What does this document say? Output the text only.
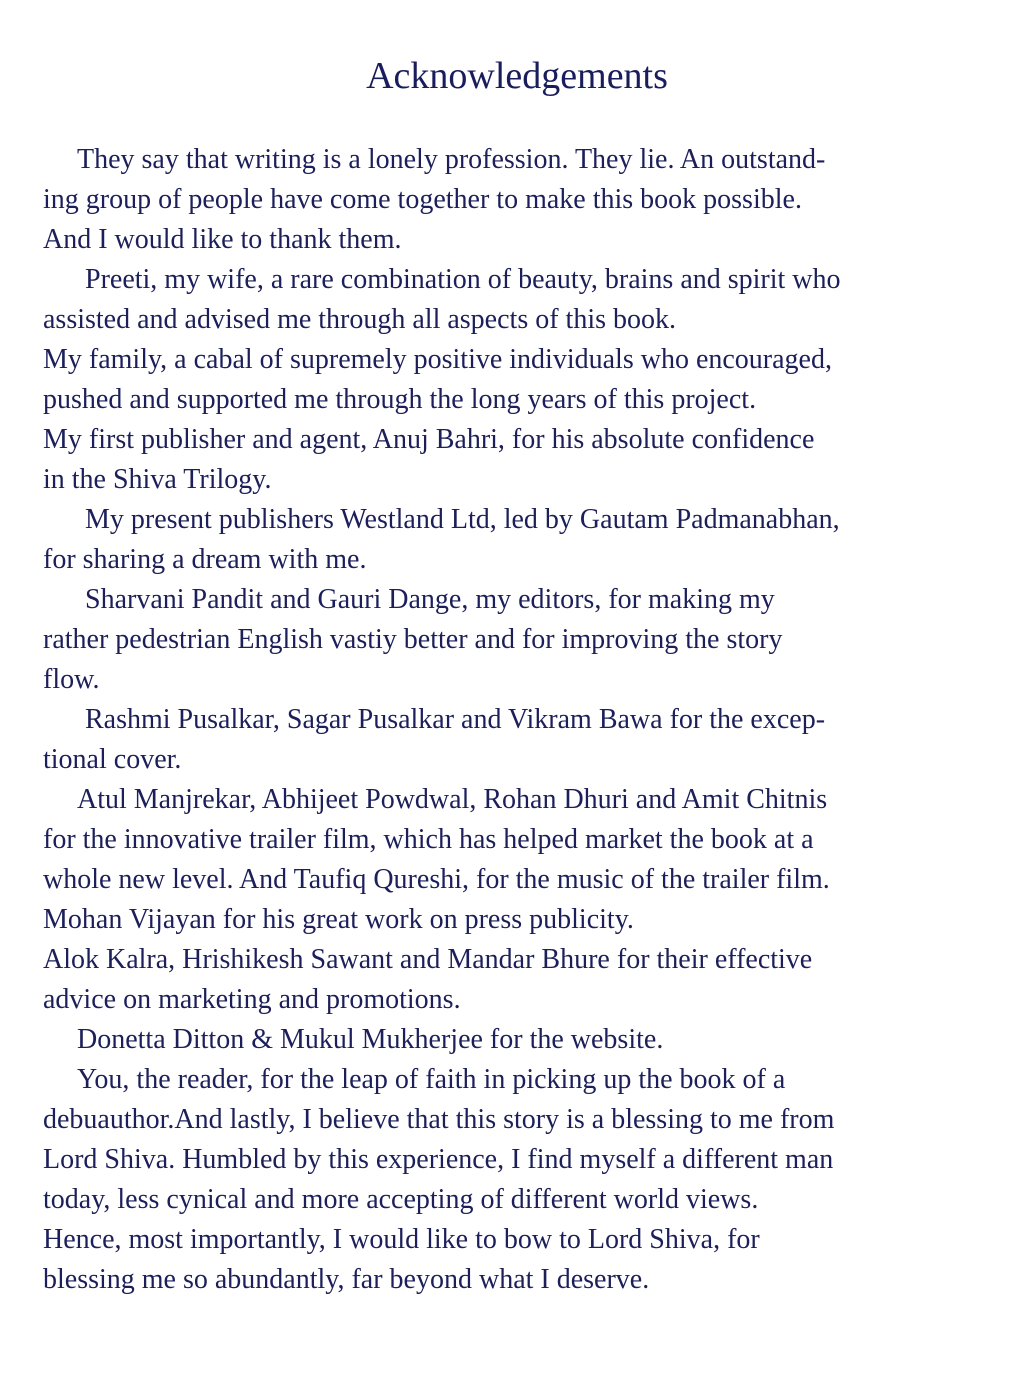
Acknowledgements
They say that writing is a lonely profession. They lie. An outstand-
ing group of people have come together to make this book possible.
And I would like to thank them.
Preeti, my wife, a rare combination of beauty, brains and spirit who
assisted and advised me through all aspects of this book.
My family, a cabal of supremely positive individuals who encouraged,
pushed and supported me through the long years of this project.
My first publisher and agent, Anuj Bahri, for his absolute confidence
in the Shiva Trilogy.
My present publishers Westland Ltd, led by Gautam Padmanabhan,
for sharing a dream with me.
Sharvani Pandit and Gauri Dange, my editors, for making my
rather pedestrian English vastiy better and for improving the story
flow.
Rashmi Pusalkar, Sagar Pusalkar and Vikram Bawa for the excep-
tional cover.
Atul Manjrekar, Abhijeet Powdwal, Rohan Dhuri and Amit Chitnis
for the innovative trailer film, which has helped market the book at a
whole new level. And Taufiq Qureshi, for the music of the trailer film.
Mohan Vijayan for his great work on press publicity.
Alok Kalra, Hrishikesh Sawant and Mandar Bhure for their effective
advice on marketing and promotions.
Donetta Ditton & Mukul Mukherjee for the website.
You, the reader, for the leap of faith in picking up the book of a
debuauthor.And lastly, I believe that this story is a blessing to me from
Lord Shiva. Humbled by this experience, I find myself a different man
today, less cynical and more accepting of different world views.
Hence, most importantly, I would like to bow to Lord Shiva, for
blessing me so abundantly, far beyond what I deserve.
